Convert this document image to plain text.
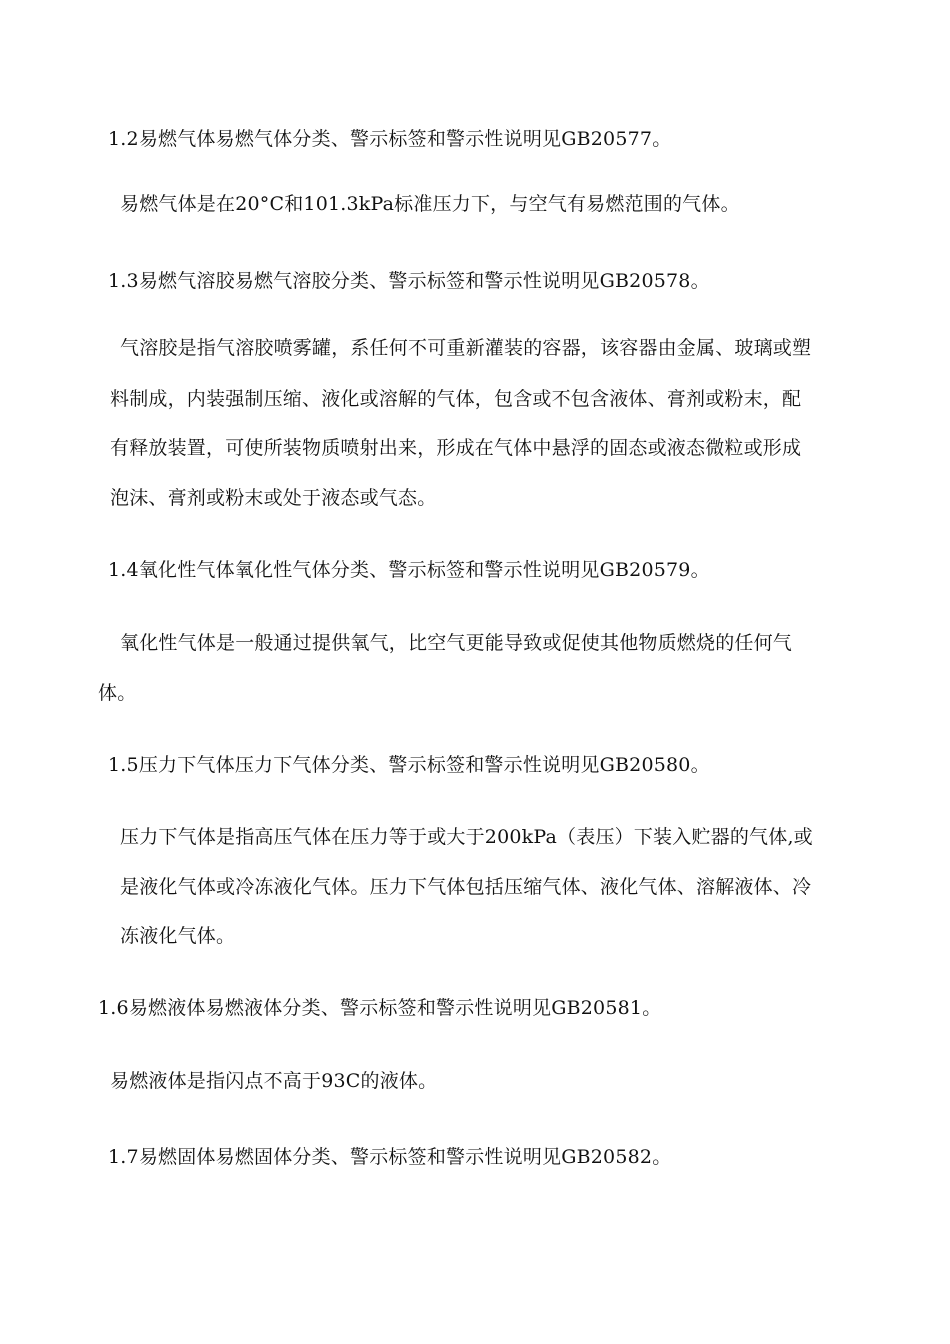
1.2易燃气体易燃气体分类、警示标签和警示性说明见GB20577。
易燃气体是在20°C和101.3kPa标准压力下，与空气有易燃范围的气体。
1.3易燃气溶胶易燃气溶胶分类、警示标签和警示性说明见GB20578。
气溶胶是指气溶胶喷雾罐，系任何不可重新灌装的容器，该容器由金属、玻璃或塑
料制成，内装强制压缩、液化或溶解的气体，包含或不包含液体、膏剂或粉末，配
有释放装置，可使所装物质喷射出来，形成在气体中悬浮的固态或液态微粒或形成
泡沫、膏剂或粉末或处于液态或气态。
1.4氧化性气体氧化性气体分类、警示标签和警示性说明见GB20579。
氧化性气体是一般通过提供氧气，比空气更能导致或促使其他物质燃烧的任何气
体。
1.5压力下气体压力下气体分类、警示标签和警示性说明见GB20580。
压力下气体是指高压气体在压力等于或大于200kPa（表压）下装入贮器的气体,或
是液化气体或冷冻液化气体。压力下气体包括压缩气体、液化气体、溶解液体、冷
冻液化气体。
1.6易燃液体易燃液体分类、警示标签和警示性说明见GB20581。
易燃液体是指闪点不高于93C的液体。
1.7易燃固体易燃固体分类、警示标签和警示性说明见GB20582。
